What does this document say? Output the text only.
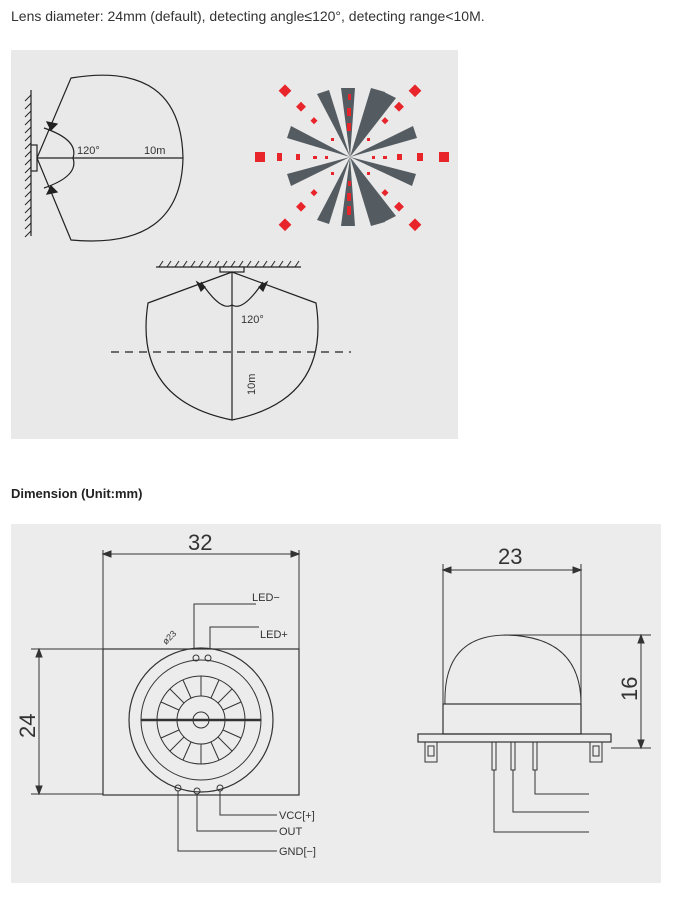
Lens diameter: 24mm (default), detecting angle≤120°, detecting range<10M.
120°	10m
120°
10m
Dimension (Unit:mm)
32
24
ø23
LED−
LED+
VCC[+]
OUT
GND[−]
23
16
